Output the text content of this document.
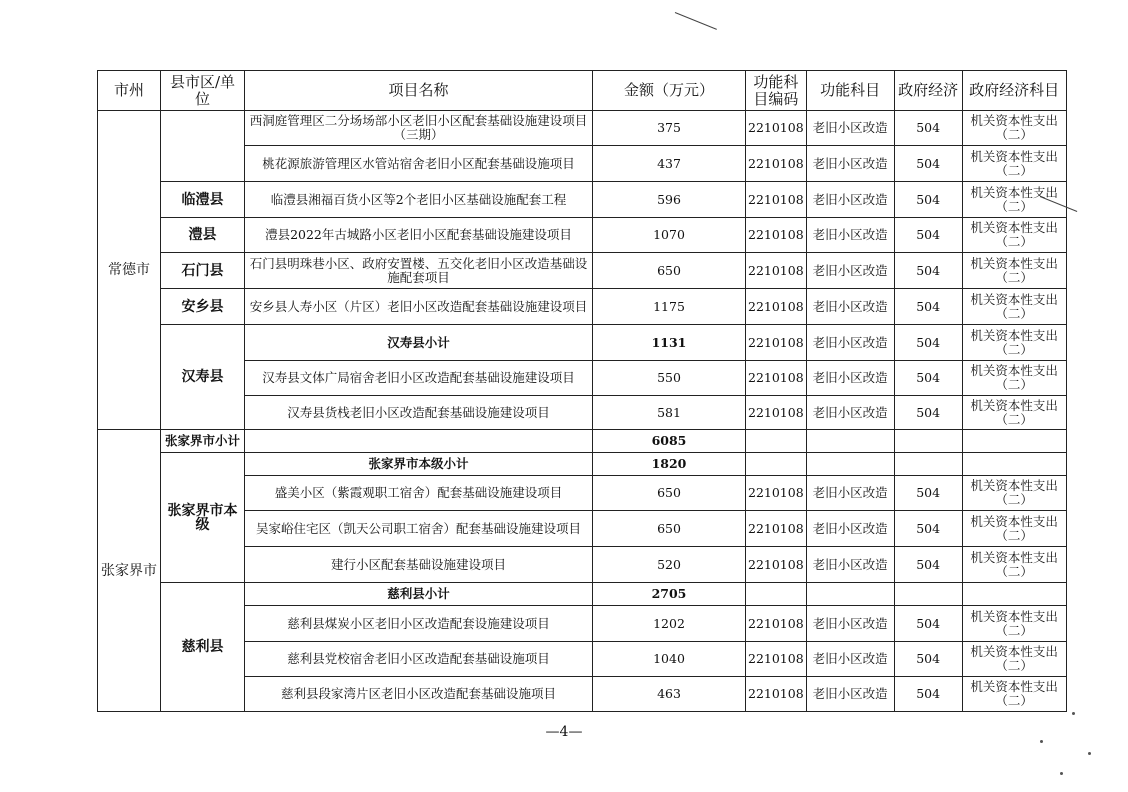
市州	县市区/单位	项目名称	金额（万元）	功能科目编码	功能科目	政府经济	政府经济科目
常德市		西洞庭管理区二分场场部小区老旧小区配套基础设施建设项目（三期）	375	2210108	老旧小区改造	504	机关资本性支出（二）
		桃花源旅游管理区水管站宿舍老旧小区配套基础设施项目	437	2210108	老旧小区改造	504	机关资本性支出（二）
	临澧县	临澧县湘福百货小区等2个老旧小区基础设施配套工程	596	2210108	老旧小区改造	504	机关资本性支出（二）
	澧县	澧县2022年古城路小区老旧小区配套基础设施建设项目	1070	2210108	老旧小区改造	504	机关资本性支出（二）
	石门县	石门县明珠巷小区、政府安置楼、五交化老旧小区改造基础设施配套项目	650	2210108	老旧小区改造	504	机关资本性支出（二）
	安乡县	安乡县人寿小区（片区）老旧小区改造配套基础设施建设项目	1175	2210108	老旧小区改造	504	机关资本性支出（二）
	汉寿县	汉寿县小计	1131	2210108	老旧小区改造	504	机关资本性支出（二）
		汉寿县文体广局宿舍老旧小区改造配套基础设施建设项目	550	2210108	老旧小区改造	504	机关资本性支出（二）
		汉寿县货栈老旧小区改造配套基础设施建设项目	581	2210108	老旧小区改造	504	机关资本性支出（二）
张家界市	张家界市小计		6085				
	张家界市本级	张家界市本级小计	1820				
		盛美小区（紫霞观职工宿舍）配套基础设施建设项目	650	2210108	老旧小区改造	504	机关资本性支出（二）
		吴家峪住宅区（凯天公司职工宿舍）配套基础设施建设项目	650	2210108	老旧小区改造	504	机关资本性支出（二）
		建行小区配套基础设施建设项目	520	2210108	老旧小区改造	504	机关资本性支出（二）
	慈利县	慈利县小计	2705				
		慈利县煤炭小区老旧小区改造配套设施建设项目	1202	2210108	老旧小区改造	504	机关资本性支出（二）
		慈利县党校宿舍老旧小区改造配套基础设施项目	1040	2210108	老旧小区改造	504	机关资本性支出（二）
		慈利县段家湾片区老旧小区改造配套基础设施项目	463	2210108	老旧小区改造	504	机关资本性支出（二）
—4—
